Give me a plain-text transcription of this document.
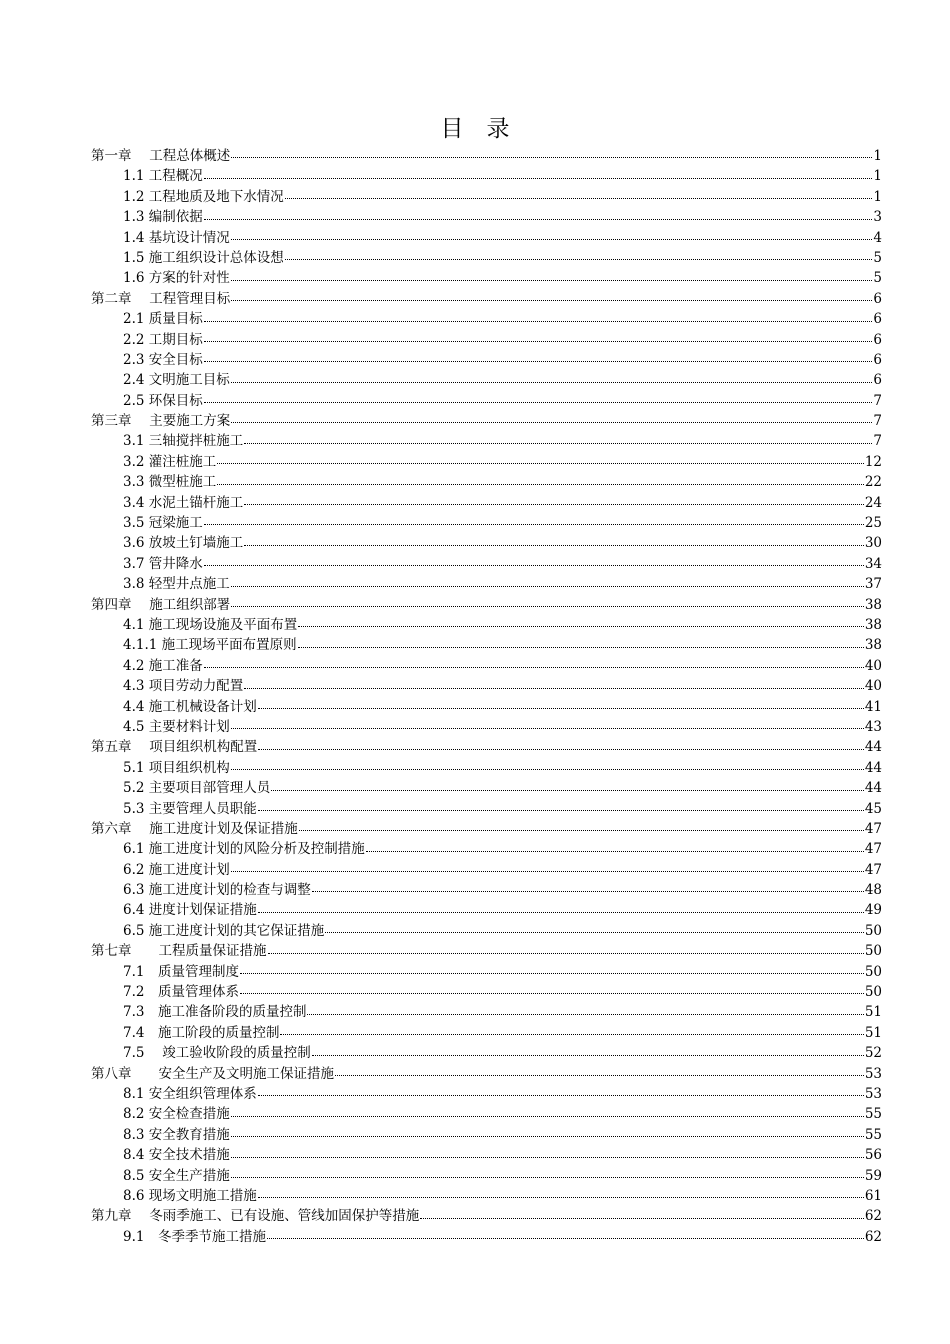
目　录
第一章　 工程总体概述	1
1.1 工程概况	1
1.2 工程地质及地下水情况	1
1.3 编制依据	3
1.4 基坑设计情况	4
1.5 施工组织设计总体设想	5
1.6 方案的针对性	5
第二章　 工程管理目标	6
2.1 质量目标	6
2.2 工期目标	6
2.3 安全目标	6
2.4 文明施工目标	6
2.5 环保目标	7
第三章　 主要施工方案	7
3.1 三轴搅拌桩施工	7
3.2 灌注桩施工	12
3.3 微型桩施工	22
3.4 水泥土锚杆施工	24
3.5 冠梁施工	25
3.6 放坡土钉墙施工	30
3.7 管井降水	34
3.8 轻型井点施工	37
第四章　 施工组织部署	38
4.1 施工现场设施及平面布置	38
4.1.1 施工现场平面布置原则	38
4.2 施工准备	40
4.3 项目劳动力配置	40
4.4 施工机械设备计划	41
4.5 主要材料计划	43
第五章　 项目组织机构配置	44
5.1 项目组织机构	44
5.2 主要项目部管理人员	44
5.3 主要管理人员职能	45
第六章　 施工进度计划及保证措施	47
6.1 施工进度计划的风险分析及控制措施	47
6.2 施工进度计划	47
6.3 施工进度计划的检查与调整	48
6.4 进度计划保证措施	49
6.5 施工进度计划的其它保证措施	50
第七章　　工程质量保证措施	50
7.1　质量管理制度	50
7.2　质量管理体系	50
7.3　施工准备阶段的质量控制	51
7.4　施工阶段的质量控制	51
7.5　 竣工验收阶段的质量控制	52
第八章　　安全生产及文明施工保证措施	53
8.1 安全组织管理体系	53
8.2 安全检查措施	55
8.3 安全教育措施	55
8.4 安全技术措施	56
8.5 安全生产措施	59
8.6 现场文明施工措施	61
第九章　 冬雨季施工、已有设施、管线加固保护等措施	62
9.1　冬季季节施工措施	62
